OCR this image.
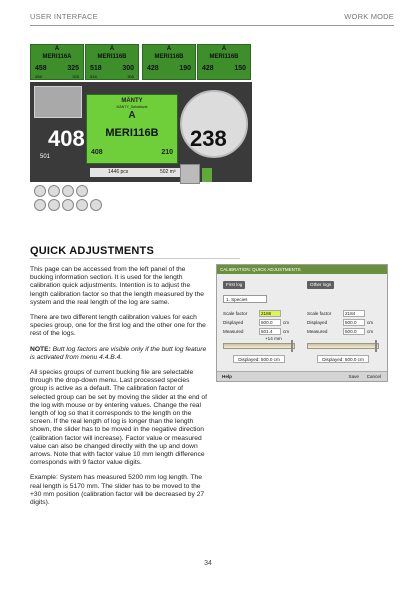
USER INTERFACE	WORK MODE
A
MERI116A
458	325
458	325
A
MERI116B
518	300
518	300
A
MERI116B
428	190
A
MERI116B
428	150
408
501
MÄNTY
MÄNTY_Sahattavat
A
MERI116B
408	210
238
1446 pcs	502 m³
QUICK ADJUSTMENTS

This page can be accessed from the left panel of the bucking information section. It is used for the length calibration quick adjustments. Intention is to adjust the length calibration factor so that the length measured by the system and the real length of the log are same.

There are two different length calibration values for each species group, one for the first log and the other one for the rest of the logs.

NOTE: Butt log factors are visible only if the butt log feature is activated from menu 4.4.B.4.

All species groups of current bucking file are selectable through the drop-down menu. Last processed species group is active as a default. The calibration factor of selected group can be set by moving the slider at the end of the log with mouse or by entering values. Change the real length of log so that it corresponds to the length on the screen. If the real length of log is longer than the length shown, the slider has to be moved in the negative direction (calibration factor will increase). Factor value or measured value can also be changed directly with the up and down arrows. Note that with factor value 10 mm length difference corresponds with 9 factor value digits.

Example: System has measured 5200 mm log length. The real length is 5170 mm. The slider has to be moved to the +30 mm position (calibration factor will be decreased by 27 digits).

CALIBRATION: QUICK ADJUSTMENTS
First log	Other logs
1. Species
Scale factor	2186
Displayed	500.0	cm
Measured	501.4	cm
Scale factor	2184
Displayed	500.0	cm
Measured	500.0	cm
+14 mm
Displayed: 500.0 cm	Displayed: 500.0 cm
Help	Save Cancel
34
